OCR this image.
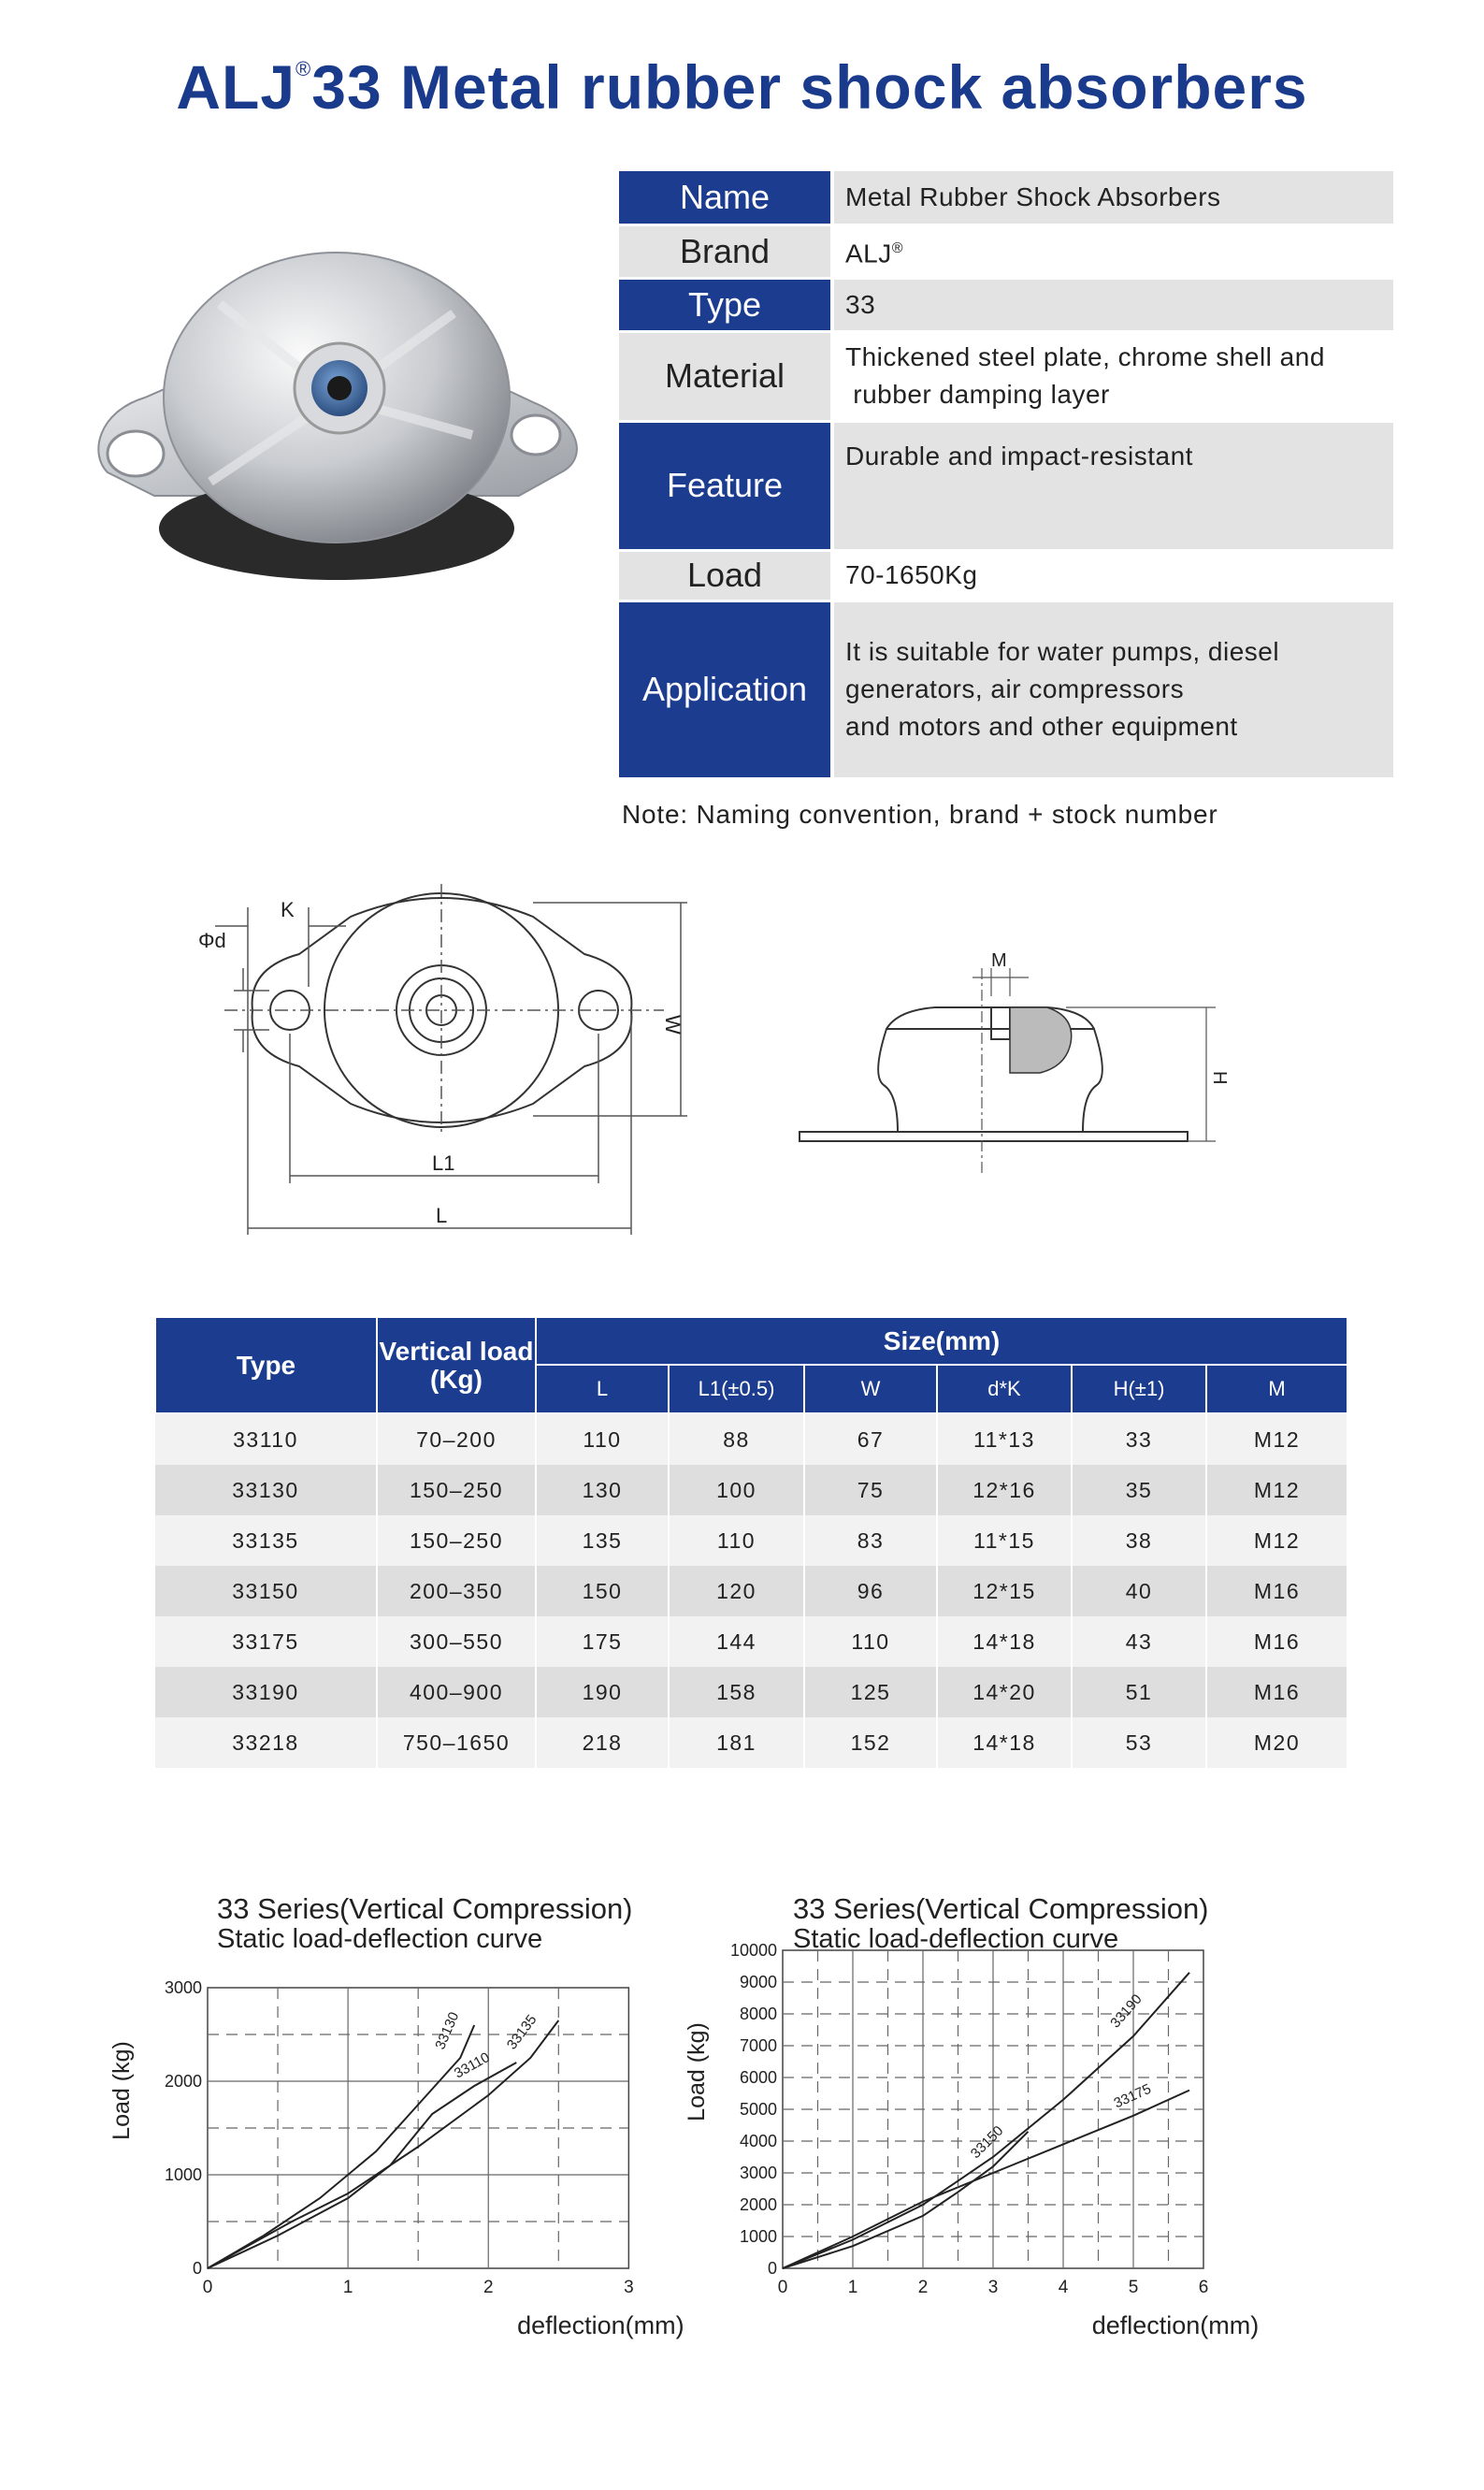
ALJ®33 Metal rubber shock absorbers
Name	Metal Rubber Shock Absorbers
Brand	ALJ®
Type	33
Material	Thickened steel plate, chrome shell and
rubber damping layer

Feature	Durable and impact-resistant
Load	70-1650Kg
Application	It is suitable for water pumps, diesel
generators, air compressors
and motors and other equipment
Note: Naming convention, brand + stock number
K
Φd
W
L1
L
M
H
Type	Vertical load (Kg)	Size(mm)					
		L	L1(±0.5)	W	d*K	H(±1)	M
33110	70–200	110	88	67	11*13	33	M12
33130	150–250	130	100	75	12*16	35	M12
33135	150–250	135	110	83	11*15	38	M12
33150	200–350	150	120	96	12*15	40	M16
33175	300–550	175	144	110	14*18	43	M16
33190	400–900	190	158	125	14*20	51	M16
33218	750–1650	218	181	152	14*18	53	M20
33 Series(Vertical Compression)
Static load-deflection curve
0	1	2	3
0
1000
2000
3000
deflection(mm)
Load (kg)
33130
33110
33135
33 Series(Vertical Compression)
Static load-deflection curve
0	1	2	3	4	5	6
0
1000
2000
3000
4000
5000
6000
7000
8000
9000
10000
deflection(mm)
Load (kg)
33150
33190
33175
